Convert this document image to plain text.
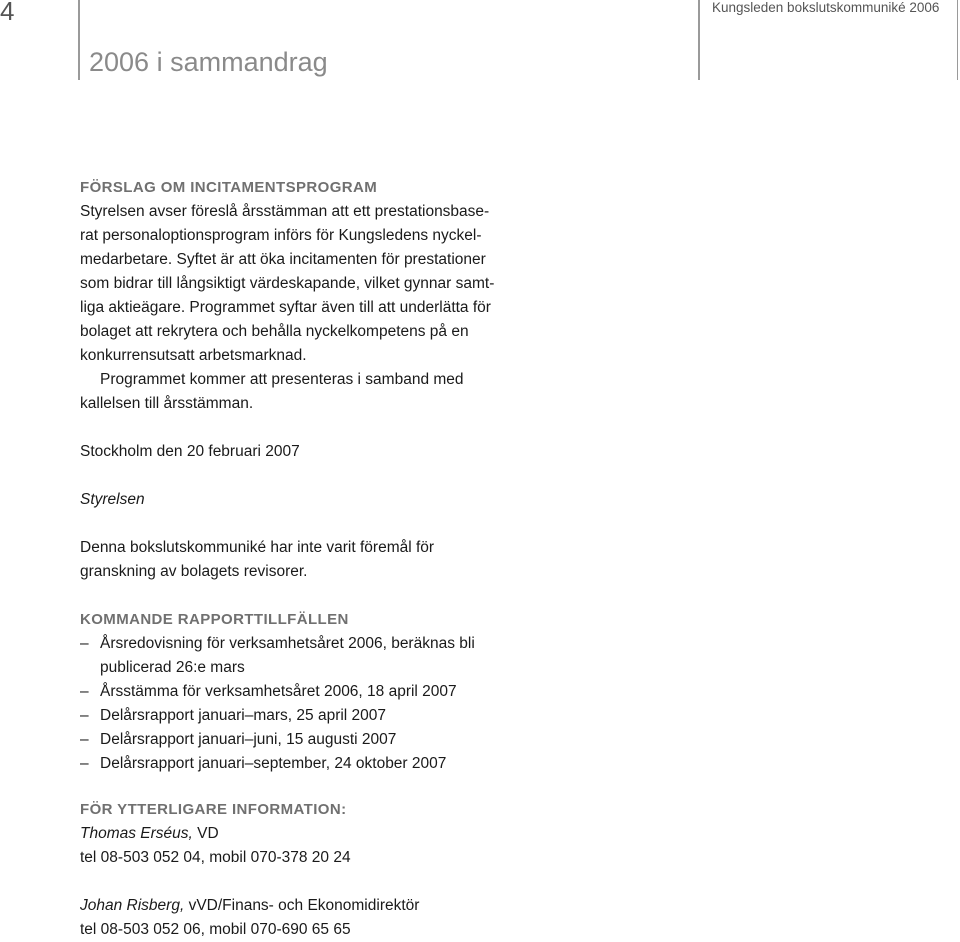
4	Kungsleden bokslutskommuniké 2006
2006 i sammandrag
FÖRSLAG OM INCITAMENTSPROGRAM
Styrelsen avser föreslå årsstämman att ett prestationsbase-
rat personaloptionsprogram införs för Kungsledens nyckel-
medarbetare. Syftet är att öka incitamenten för prestationer
som bidrar till långsiktigt värdeskapande, vilket gynnar samt-
liga aktieägare. Programmet syftar även till att underlätta för
bolaget att rekrytera och behålla nyckelkompetens på en
konkurrensutsatt arbetsmarknad.
Programmet kommer att presenteras i samband med
kallelsen till årsstämman.
Stockholm den 20 februari 2007
Styrelsen
Denna bokslutskommuniké har inte varit föremål för
granskning av bolagets revisorer.
KOMMANDE RAPPORTTILLFÄLLEN
– Årsredovisning för verksamhetsåret 2006, beräknas bli
publicerad 26:e mars
– Årsstämma för verksamhetsåret 2006, 18 april 2007
– Delårsrapport januari–mars, 25 april 2007
– Delårsrapport januari–juni, 15 augusti 2007
– Delårsrapport januari–september, 24 oktober 2007
FÖR YTTERLIGARE INFORMATION:
Thomas Erséus, VD
tel 08-503 052 04, mobil 070-378 20 24
Johan Risberg, vVD/Finans- och Ekonomidirektör
tel 08-503 052 06, mobil 070-690 65 65
